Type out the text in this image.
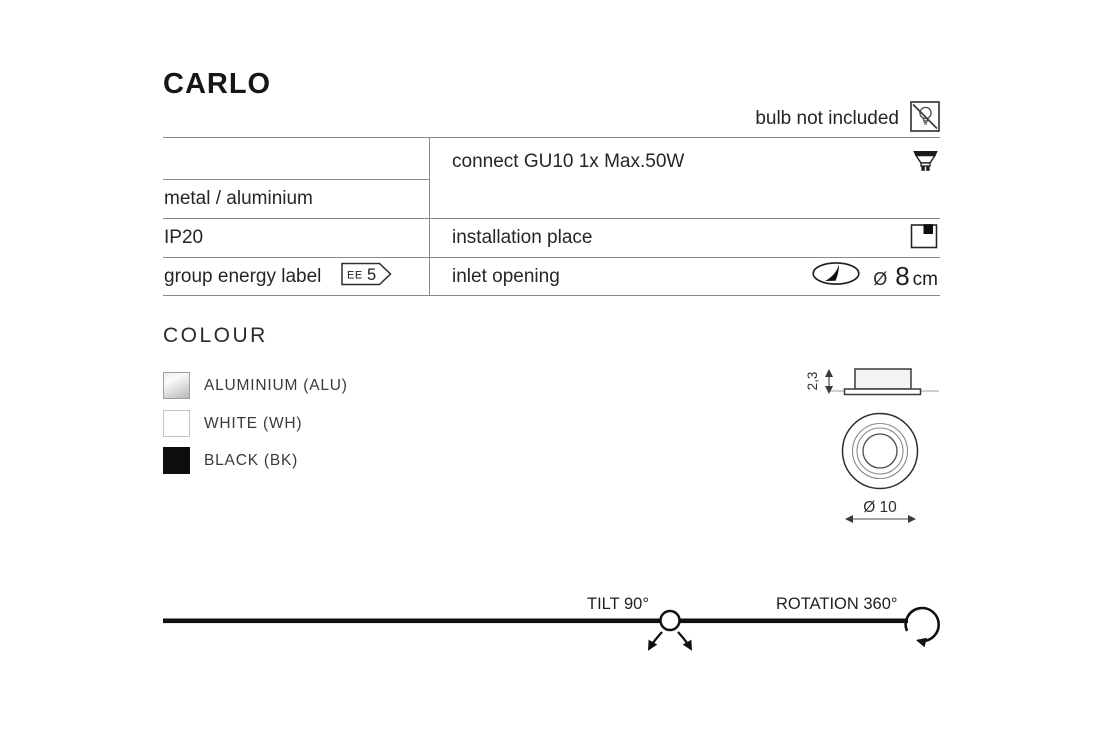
CARLO
bulb not included
metal / aluminium
IP20
group energy label EE 5
connect GU10 1x Max.50W
installation place
inlet opening	Ø 8 cm
COLOUR
ALUMINIUM (ALU)
WHITE (WH)
BLACK (BK)
2,3
Ø 10
TILT 90°	ROTATION 360°
